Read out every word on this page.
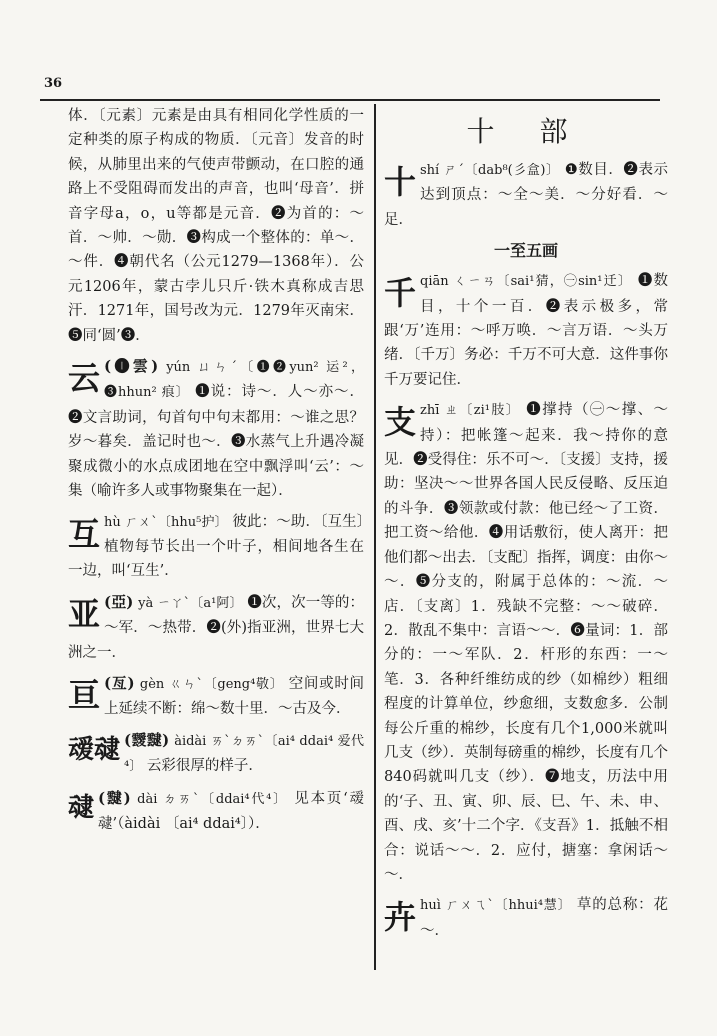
36
体．〔元素〕元素是由具有相同化学性质的一定种类的原子构成的物质．〔元音〕发音的时候，从肺里出来的气使声带颤动，在口腔的通路上不受阻碍而发出的声音，也叫‘母音’．拼音字母a，o，u等都是元音．❷为首的：～首．～帅．～勋．❸构成一个整体的：单～．～件．❹朝代名（公元1279—1368年）．公元1206年，蒙古孛儿只斤·铁木真称成吉思汗．1271年，国号改为元．1279年灭南宋．❺同‘圆’❸．
云 (❶雲) yún ㄩㄣˊ〔❶❷yun² 运²，❸hhun² 痕〕 ❶说：诗～．人～亦～．❷文言助词，句首句中句末都用：～谁之思？岁～暮矣．盖记时也～．❸水蒸气上升遇冷凝聚成微小的水点成团地在空中飘浮叫‘云’：～集（喻许多人或事物聚集在一起）．
互 hù ㄏㄨˋ〔hhu⁵护〕 彼此：～助．〔互生〕植物每节长出一个叶子，相间地各生在一边，叫‘互生’．
亚 (亞) yà ㄧㄚˋ〔a¹阿〕 ❶次，次一等的：～军．～热带．❷(外)指亚洲，世界七大洲之一．
亘 (亙) gèn ㄍㄣˋ〔geng⁴敬〕 空间或时间上延续不断：绵～数十里．～古及今．
叆叇 (靉靆) àidài ㄞˋㄉㄞˋ〔ai⁴ ddai⁴ 爱代⁴〕 云彩很厚的样子．
叇 (靆) dài ㄉㄞˋ〔ddai⁴代⁴〕 见本页‘叆叇’（àidài 〔ai⁴ ddai⁴〕）．
十 部
十 shí ㄕˊ〔dab⁸(彡盒)〕 ❶数目．❷表示达到顶点：～全～美．～分好看．～足．
一至五画
千 qiān ㄑㄧㄢ〔sai¹猜，㊀sin¹迁〕 ❶数目，十个一百．❷表示极多，常跟‘万’连用：～呼万唤．～言万语．～头万绪．〔千万〕务必：千万不可大意．这件事你千万要记住．
支 zhī ㄓ〔zi¹肢〕 ❶撑持（㊀～撑、～持）：把帐篷～起来．我～持你的意见．❷受得住：乐不可～．〔支援〕支持，援助：坚决～～世界各国人民反侵略、反压迫的斗争．❸领款或付款：他已经～了工资．把工资～给他．❹用话敷衍，使人离开：把他们都～出去．〔支配〕指挥，调度：由你～～．❺分支的，附属于总体的：～流．～店．〔支离〕1．残缺不完整：～～破碎．2．散乱不集中：言语～～．❻量词：1．部分的：一～军队．2．杆形的东西：一～笔．3．各种纤维纺成的纱（如棉纱）粗细程度的计算单位，纱愈细，支数愈多．公制每公斤重的棉纱，长度有几个1,000米就叫几支（纱）．英制每磅重的棉纱，长度有几个840码就叫几支（纱）．❼地支，历法中用的‘子、丑、寅、卯、辰、巳、午、未、申、酉、戌、亥’十二个字．《支吾》1．抵触不相合：说话～～．2．应付，搪塞：拿闲话～～．
卉 huì ㄏㄨㄟˋ〔hhui⁴慧〕 草的总称：花～．
